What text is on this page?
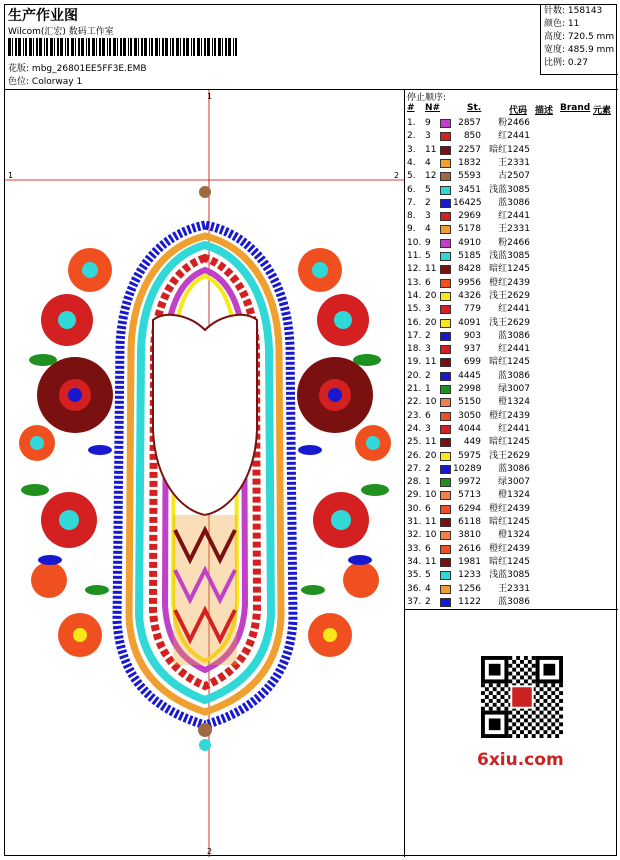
生产作业图
Wilcom(汇宏) 数码工作室
花版: mbg_26801EE5FF3E.EMB
色位: Colorway 1
针数: 158143
颜色: 11
高度: 720.5 mm
宽度: 485.9 mm
比例: 0.27
1
1	2
2
停止顺序:
# N#	St.	代码 描述 Brand 元素
1. 9	2857	粉2466
2. 3	850	红2441
3. 11	2257 暗红1245
4. 4	1832	王2331
5. 12	5593	古2507
6. 5	3451 浅蓝3085
7. 2 16425	蓝3086
8. 3	2969	红2441
9. 4	5178	王2331
10. 9	4910	粉2466
11. 5	5185 浅蓝3085
12. 11	8428 暗红1245
13. 6	9956 橙红2439
14. 20	4326 浅王2629
15. 3	779	红2441
16. 20	4091 浅王2629
17. 2	903	蓝3086
18. 3	937	红2441
19. 11	699 暗红1245
20. 2	4445	蓝3086
21. 1	2998	绿3007
22. 10	5150	橙1324
23. 6	3050 橙红2439
24. 3	4044	红2441
25. 11	449 暗红1245
26. 20	5975 浅王2629
27. 2 10289	蓝3086
28. 1	9972	绿3007
29. 10	5713	橙1324
30. 6	6294 橙红2439
31. 11	6118 暗红1245
32. 10	3810	橙1324
33. 6	2616 橙红2439
34. 11	1981 暗红1245
35. 5	1233 浅蓝3085
36. 4	1256	王2331
37. 2	1122	蓝3086
6xiu.com
